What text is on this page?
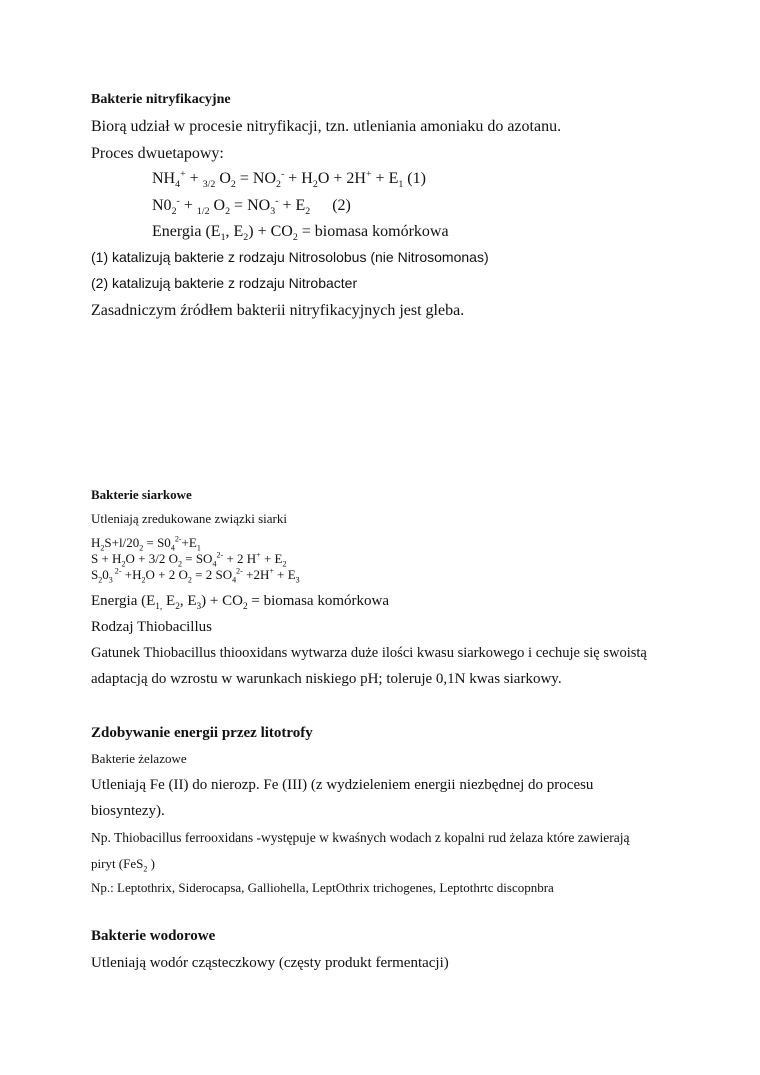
Bakterie nitryfikacyjne
Biorą udział w procesie nitryfikacji, tzn. utleniania amoniaku do azotanu.
Proces dwuetapowy:
$NH_4^+ + _{3/2}$ $O_2 = NO_2^- + H_2O + 2H^+ + E_1$ (1)
$N0_2^- + _{1/2}$ $O_2 = NO_3^- + E_2$ (2)
Energia ($E_1$, $E_2) + CO_2$ = biomasa komórkowa
(1) katalizują bakterie z rodzaju Nitrosolobus (nie Nitrosomonas)
(2) katalizują bakterie z rodzaju Nitrobacter
Zasadniczym źródłem bakterii nitryfikacyjnych jest gleba.
Bakterie siarkowe
Utleniają zredukowane związki siarki
$H_2S+l/20_2 = S0_4^{2-}+E_1$
$S + H_2O + 3/2$ $O_2 = SO_4^{2-} + 2$ $H^+ + E_2$
$S_20_3$ $^{2-} +H_2O + 2$ $O_2 = 2$ $SO_4^{2-} +2H^+ + E_3$
Energia ($E_{1,}$ $E_2$, $E_3) + CO_2$ = biomasa komórkowa
Rodzaj Thiobacillus
Gatunek Thiobacillus thiooxidans wytwarza duże ilości kwasu siarkowego i cechuje się swoistą
adaptacją do wzrostu w warunkach niskiego pH; toleruje 0,1N kwas siarkowy.
Zdobywanie energii przez litotrofy
Bakterie żelazowe
Utleniają Fe (II) do nierozp. Fe (III) (z wydzieleniem energii niezbędnej do procesu
biosyntezy).
Np. Thiobacillus ferrooxidans -występuje w kwaśnych wodach z kopalni rud żelaza które zawierają
piryt (FeS$_2$ )
Np.: Leptothrix, Siderocapsa, Galliohella, LeptOthrix trichogenes, Leptothrtc discopnbra
Bakterie wodorowe
Utleniają wodór cząsteczkowy (częsty produkt fermentacji)
